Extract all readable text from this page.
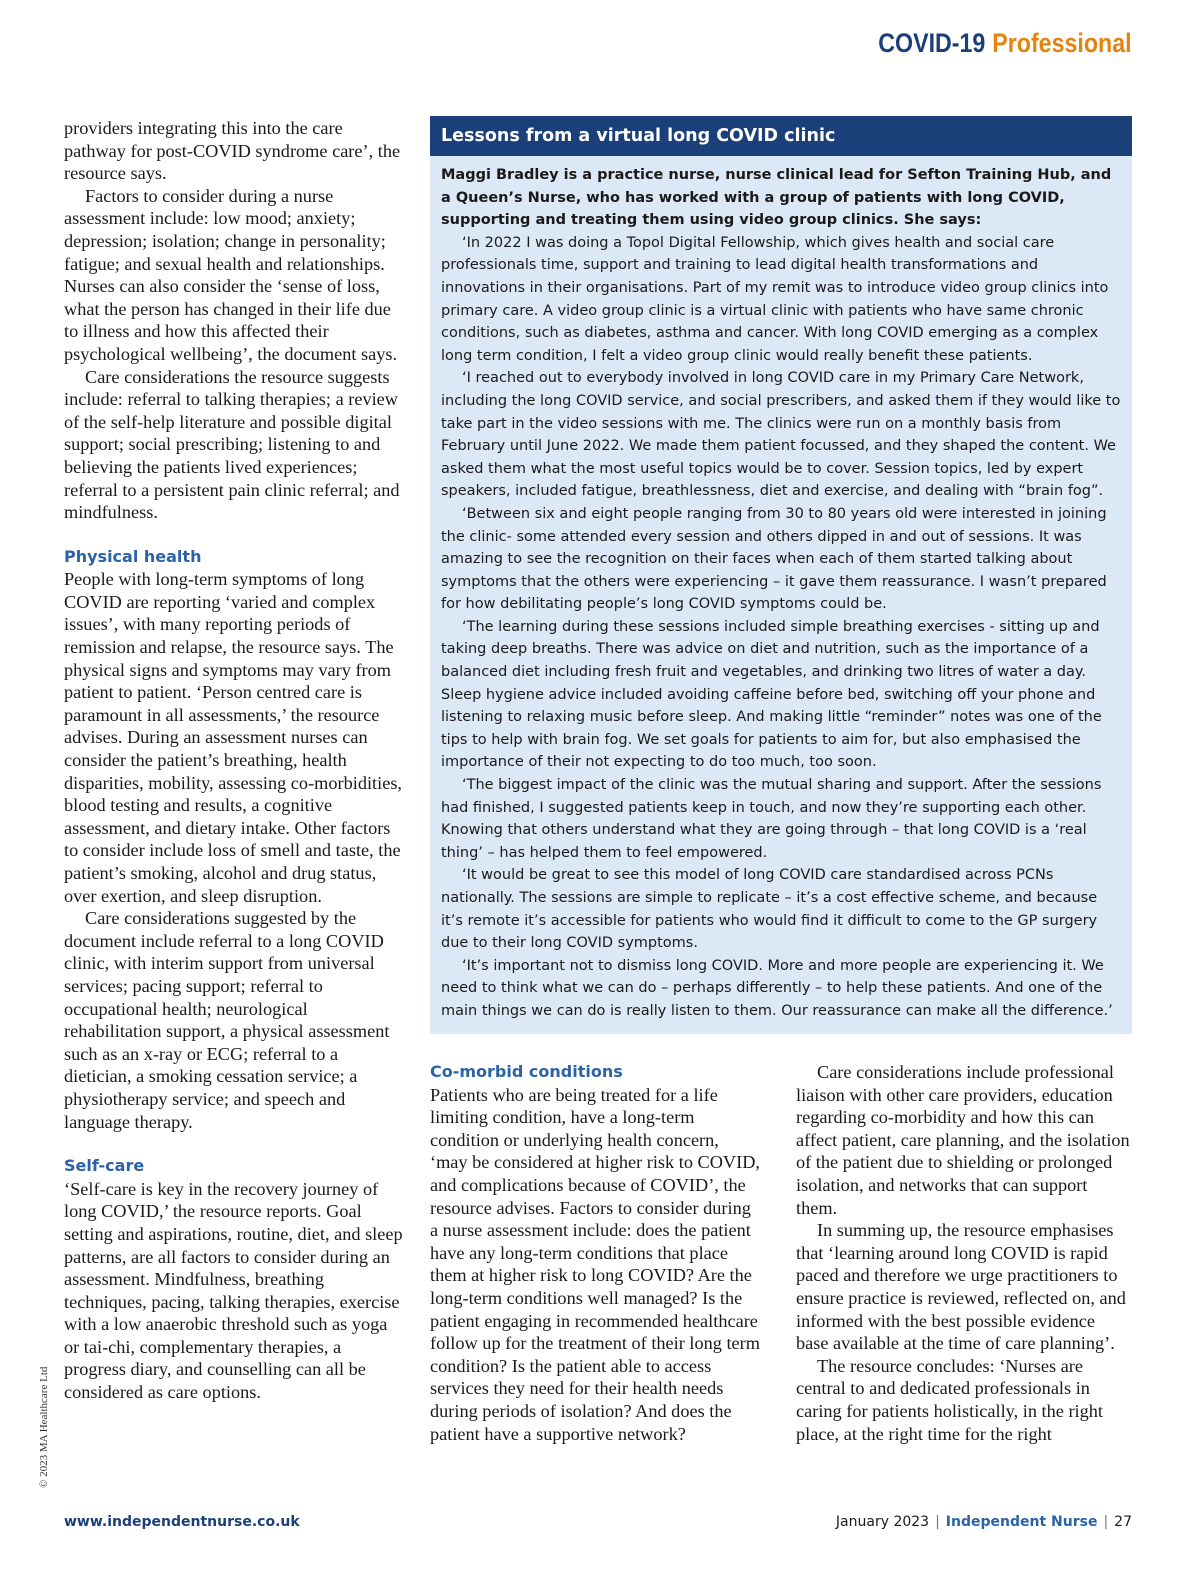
COVID-19 Professional

providers integrating this into the care pathway for post-COVID syndrome care’, the resource says.

Factors to consider during a nurse assessment include: low mood; anxiety; depression; isolation; change in personality; fatigue; and sexual health and relationships. Nurses can also consider the ‘sense of loss, what the person has changed in their life due to illness and how this affected their psychological wellbeing’, the document says.

Care considerations the resource suggests include: referral to talking therapies; a review of the self-help literature and possible digital support; social prescribing; listening to and believing the patients lived experiences; referral to a persistent pain clinic referral; and mindfulness.

Physical health

People with long-term symptoms of long COVID are reporting ‘varied and complex issues’, with many reporting periods of remission and relapse, the resource says. The physical signs and symptoms may vary from patient to patient. ‘Person centred care is paramount in all assessments,’ the resource advises. During an assessment nurses can consider the patient’s breathing, health disparities, mobility, assessing co-morbidities, blood testing and results, a cognitive assessment, and dietary intake. Other factors to consider include loss of smell and taste, the patient’s smoking, alcohol and drug status, over exertion, and sleep disruption.

Care considerations suggested by the document include referral to a long COVID clinic, with interim support from universal services; pacing support; referral to occupational health; neurological rehabilitation support, a physical assessment such as an x-ray or ECG; referral to a dietician, a smoking cessation service; a physiotherapy service; and speech and language therapy.

Self-care

‘Self-care is key in the recovery journey of long COVID,’ the resource reports. Goal setting and aspirations, routine, diet, and sleep patterns, are all factors to consider during an assessment. Mindfulness, breathing techniques, pacing, talking therapies, exercise with a low anaerobic threshold such as yoga or tai-chi, complementary therapies, a progress diary, and counselling can all be considered as care options.

Lessons from a virtual long COVID clinic

Maggi Bradley is a practice nurse, nurse clinical lead for Sefton Training Hub, and a Queen’s Nurse, who has worked with a group of patients with long COVID, supporting and treating them using video group clinics. She says:

‘In 2022 I was doing a Topol Digital Fellowship, which gives health and social care professionals time, support and training to lead digital health transformations and innovations in their organisations. Part of my remit was to introduce video group clinics into primary care. A video group clinic is a virtual clinic with patients who have same chronic conditions, such as diabetes, asthma and cancer. With long COVID emerging as a complex long term condition, I felt a video group clinic would really benefit these patients.

‘I reached out to everybody involved in long COVID care in my Primary Care Network, including the long COVID service, and social prescribers, and asked them if they would like to take part in the video sessions with me. The clinics were run on a monthly basis from February until June 2022. We made them patient focussed, and they shaped the content. We asked them what the most useful topics would be to cover. Session topics, led by expert speakers, included fatigue, breathlessness, diet and exercise, and dealing with “brain fog”.

‘Between six and eight people ranging from 30 to 80 years old were interested in joining the clinic- some attended every session and others dipped in and out of sessions. It was amazing to see the recognition on their faces when each of them started talking about symptoms that the others were experiencing – it gave them reassurance. I wasn’t prepared for how debilitating people’s long COVID symptoms could be.

‘The learning during these sessions included simple breathing exercises - sitting up and taking deep breaths. There was advice on diet and nutrition, such as the importance of a balanced diet including fresh fruit and vegetables, and drinking two litres of water a day. Sleep hygiene advice included avoiding caffeine before bed, switching off your phone and listening to relaxing music before sleep. And making little “reminder” notes was one of the tips to help with brain fog. We set goals for patients to aim for, but also emphasised the importance of their not expecting to do too much, too soon.

‘The biggest impact of the clinic was the mutual sharing and support. After the sessions had finished, I suggested patients keep in touch, and now they’re supporting each other. Knowing that others understand what they are going through – that long COVID is a ‘real thing’ – has helped them to feel empowered.

‘It would be great to see this model of long COVID care standardised across PCNs nationally. The sessions are simple to replicate – it’s a cost effective scheme, and because it’s remote it’s accessible for patients who would find it difficult to come to the GP surgery due to their long COVID symptoms.

‘It’s important not to dismiss long COVID. More and more people are experiencing it. We need to think what we can do – perhaps differently – to help these patients. And one of the main things we can do is really listen to them. Our reassurance can make all the difference.’

Co-morbid conditions

Patients who are being treated for a life limiting condition, have a long-term condition or underlying health concern, ‘may be considered at higher risk to COVID, and complications because of COVID’, the resource advises. Factors to consider during a nurse assessment include: does the patient have any long-term conditions that place them at higher risk to long COVID? Are the long-term conditions well managed? Is the patient engaging in recommended healthcare follow up for the treatment of their long term condition? Is the patient able to access services they need for their health needs during periods of isolation? And does the patient have a supportive network?

Care considerations include professional liaison with other care providers, education regarding co-morbidity and how this can affect patient, care planning, and the isolation of the patient due to shielding or prolonged isolation, and networks that can support them.

In summing up, the resource emphasises that ‘learning around long COVID is rapid paced and therefore we urge practitioners to ensure practice is reviewed, reflected on, and informed with the best possible evidence base available at the time of care planning’.

The resource concludes: ‘Nurses are central to and dedicated professionals in caring for patients holistically, in the right place, at the right time for the right

© 2023 MA Healthcare Ltd
www.independentnurse.co.uk	January 2023 | Independent Nurse | 27
